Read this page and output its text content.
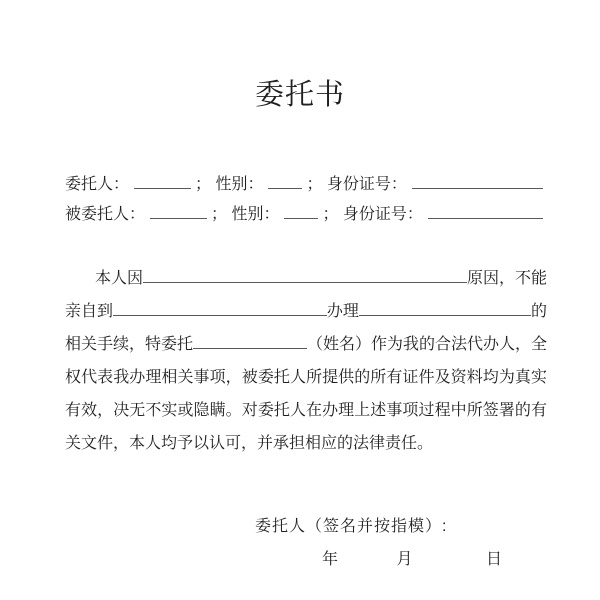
委托书
委托人：	； 性别：	； 身份证号：
被委托人：	； 性别：	； 身份证号：
本人因	原因，不能
亲自到	办理	的
相关手续，特委托	（姓名）作为我的合法代办人，全
权代表我办理相关事项，被委托人所提供的所有证件及资料均为真实
有效，决无不实或隐瞒。对委托人在办理上述事项过程中所签署的有
关文件，本人均予以认可，并承担相应的法律责任。
委托人（签名并按指模）:
年	月	日
